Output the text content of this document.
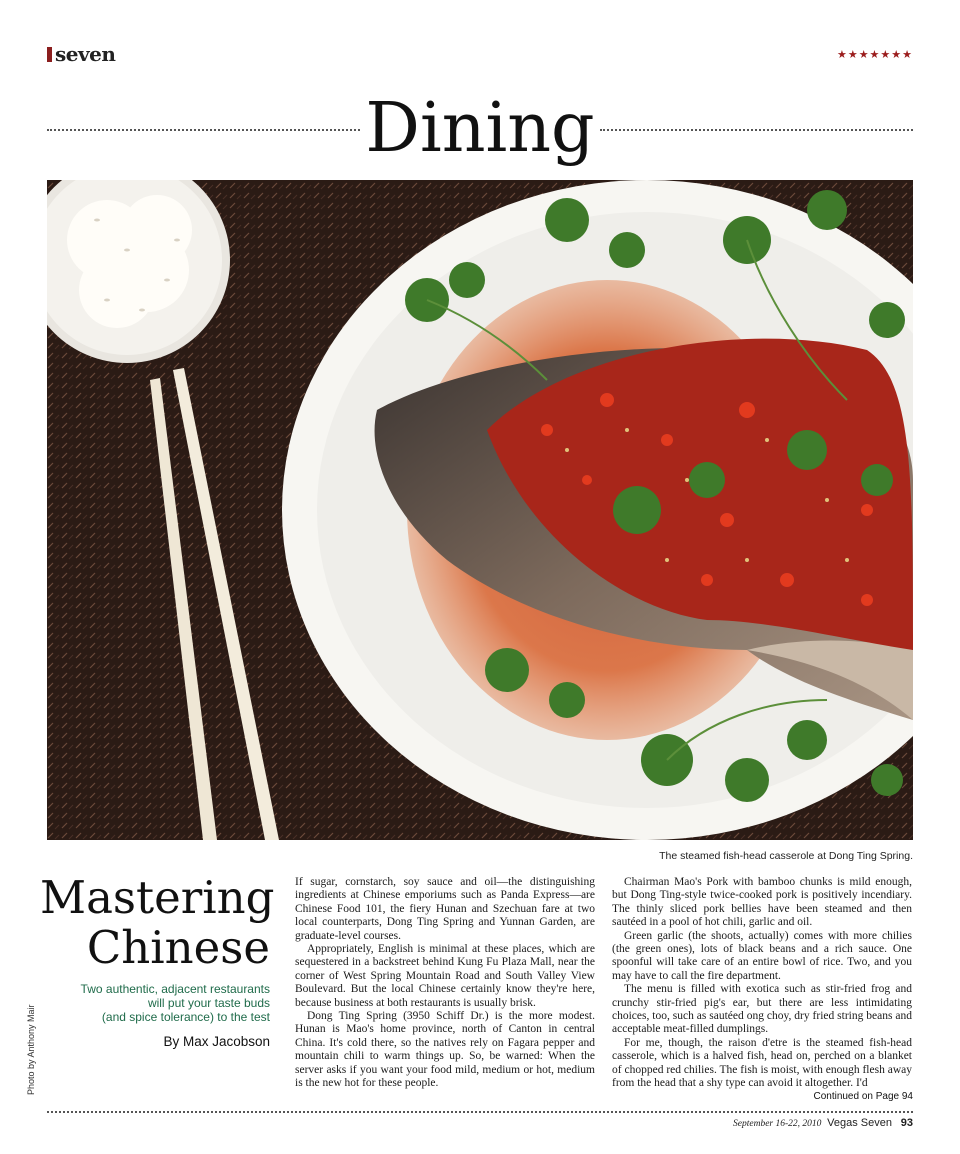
seven	★★★★★★★
Dining
The steamed fish-head casserole at Dong Ting Spring.
Photo by Anthony Mair
Mastering
Chinese
Two authentic, adjacent restaurants
will put your taste buds
(and spice tolerance) to the test
By Max Jacobson

If sugar, cornstarch, soy sauce and oil—the distinguishing ingredients at Chinese emporiums such as Panda Express—are Chinese Food 101, the fiery Hunan and Szechuan fare at two local counterparts, Dong Ting Spring and Yunnan Garden, are graduate-level courses.

Appropriately, English is minimal at these places, which are sequestered in a backstreet behind Kung Fu Plaza Mall, near the corner of West Spring Mountain Road and South Valley View Boulevard. But the local Chinese certainly know they're here, because business at both restaurants is usually brisk.

Dong Ting Spring (3950 Schiff Dr.) is the more modest. Hunan is Mao's home province, north of Canton in central China. It's cold there, so the natives rely on Fagara pepper and mountain chili to warm things up. So, be warned: When the server asks if you want your food mild, medium or hot, medium is the new hot for these people.

Chairman Mao's Pork with bamboo chunks is mild enough, but Dong Ting-style twice-cooked pork is positively incendiary. The thinly sliced pork bellies have been steamed and then sautéed in a pool of hot chili, garlic and oil.

Green garlic (the shoots, actually) comes with more chilies (the green ones), lots of black beans and a rich sauce. One spoonful will take care of an entire bowl of rice. Two, and you may have to call the fire department.

The menu is filled with exotica such as stir-fried frog and crunchy stir-fried pig's ear, but there are less intimidating choices, too, such as sautéed ong choy, dry fried string beans and acceptable meat-filled dumplings.

For me, though, the raison d'etre is the steamed fish-head casserole, which is a halved fish, head on, perched on a blanket of chopped red chilies. The fish is moist, with enough flesh away from the head that a shy type can avoid it altogether. I'd

Continued on Page 94
September 16-22, 2010 Vegas Seven 93
